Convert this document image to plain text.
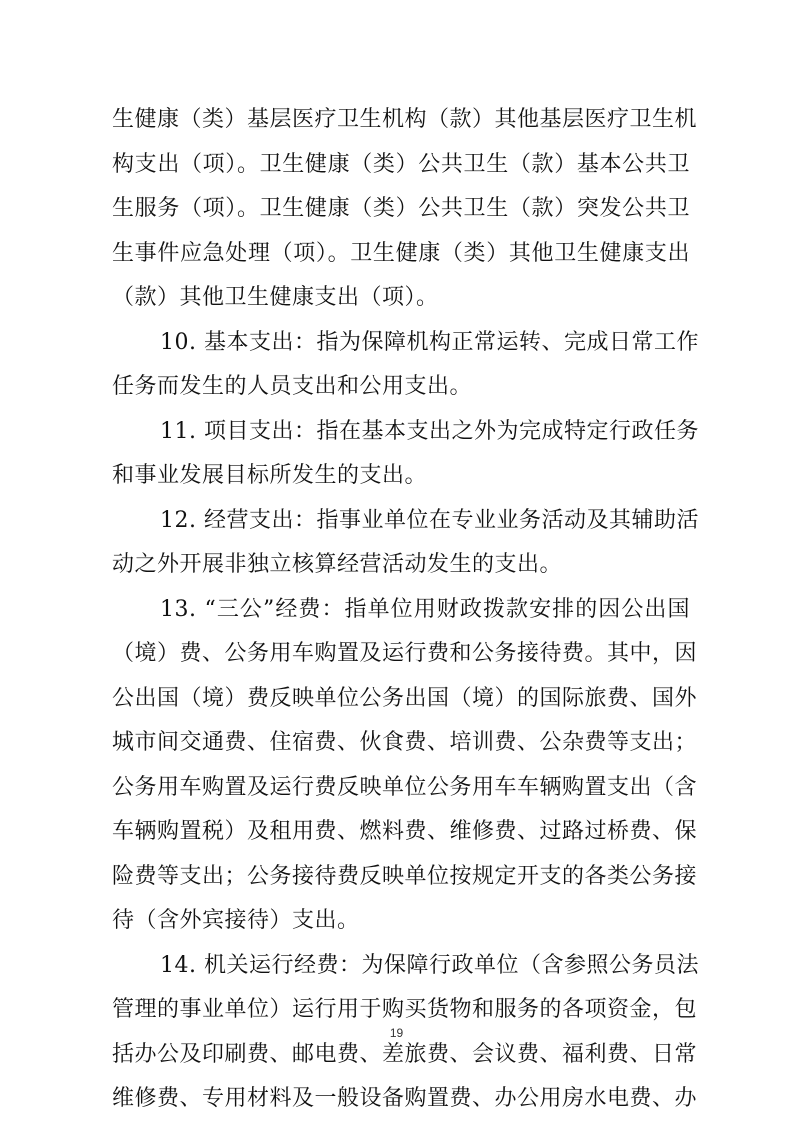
生健康（类）基层医疗卫生机构（款）其他基层医疗卫生机
构支出（项）。卫生健康（类）公共卫生（款）基本公共卫
生服务（项）。卫生健康（类）公共卫生（款）突发公共卫
生事件应急处理（项）。卫生健康（类）其他卫生健康支出
（款）其他卫生健康支出（项）。
10. 基本支出：指为保障机构正常运转、完成日常工作
任务而发生的人员支出和公用支出。
11. 项目支出：指在基本支出之外为完成特定行政任务
和事业发展目标所发生的支出。
12. 经营支出：指事业单位在专业业务活动及其辅助活
动之外开展非独立核算经营活动发生的支出。
13. “三公”经费：指单位用财政拨款安排的因公出国
（境）费、公务用车购置及运行费和公务接待费。其中，因
公出国（境）费反映单位公务出国（境）的国际旅费、国外
城市间交通费、住宿费、伙食费、培训费、公杂费等支出；
公务用车购置及运行费反映单位公务用车车辆购置支出（含
车辆购置税）及租用费、燃料费、维修费、过路过桥费、保
险费等支出；公务接待费反映单位按规定开支的各类公务接
待（含外宾接待）支出。
14. 机关运行经费：为保障行政单位（含参照公务员法
管理的事业单位）运行用于购买货物和服务的各项资金，包
括办公及印刷费、邮电费、差旅费、会议费、福利费、日常
维修费、专用材料及一般设备购置费、办公用房水电费、办
19
